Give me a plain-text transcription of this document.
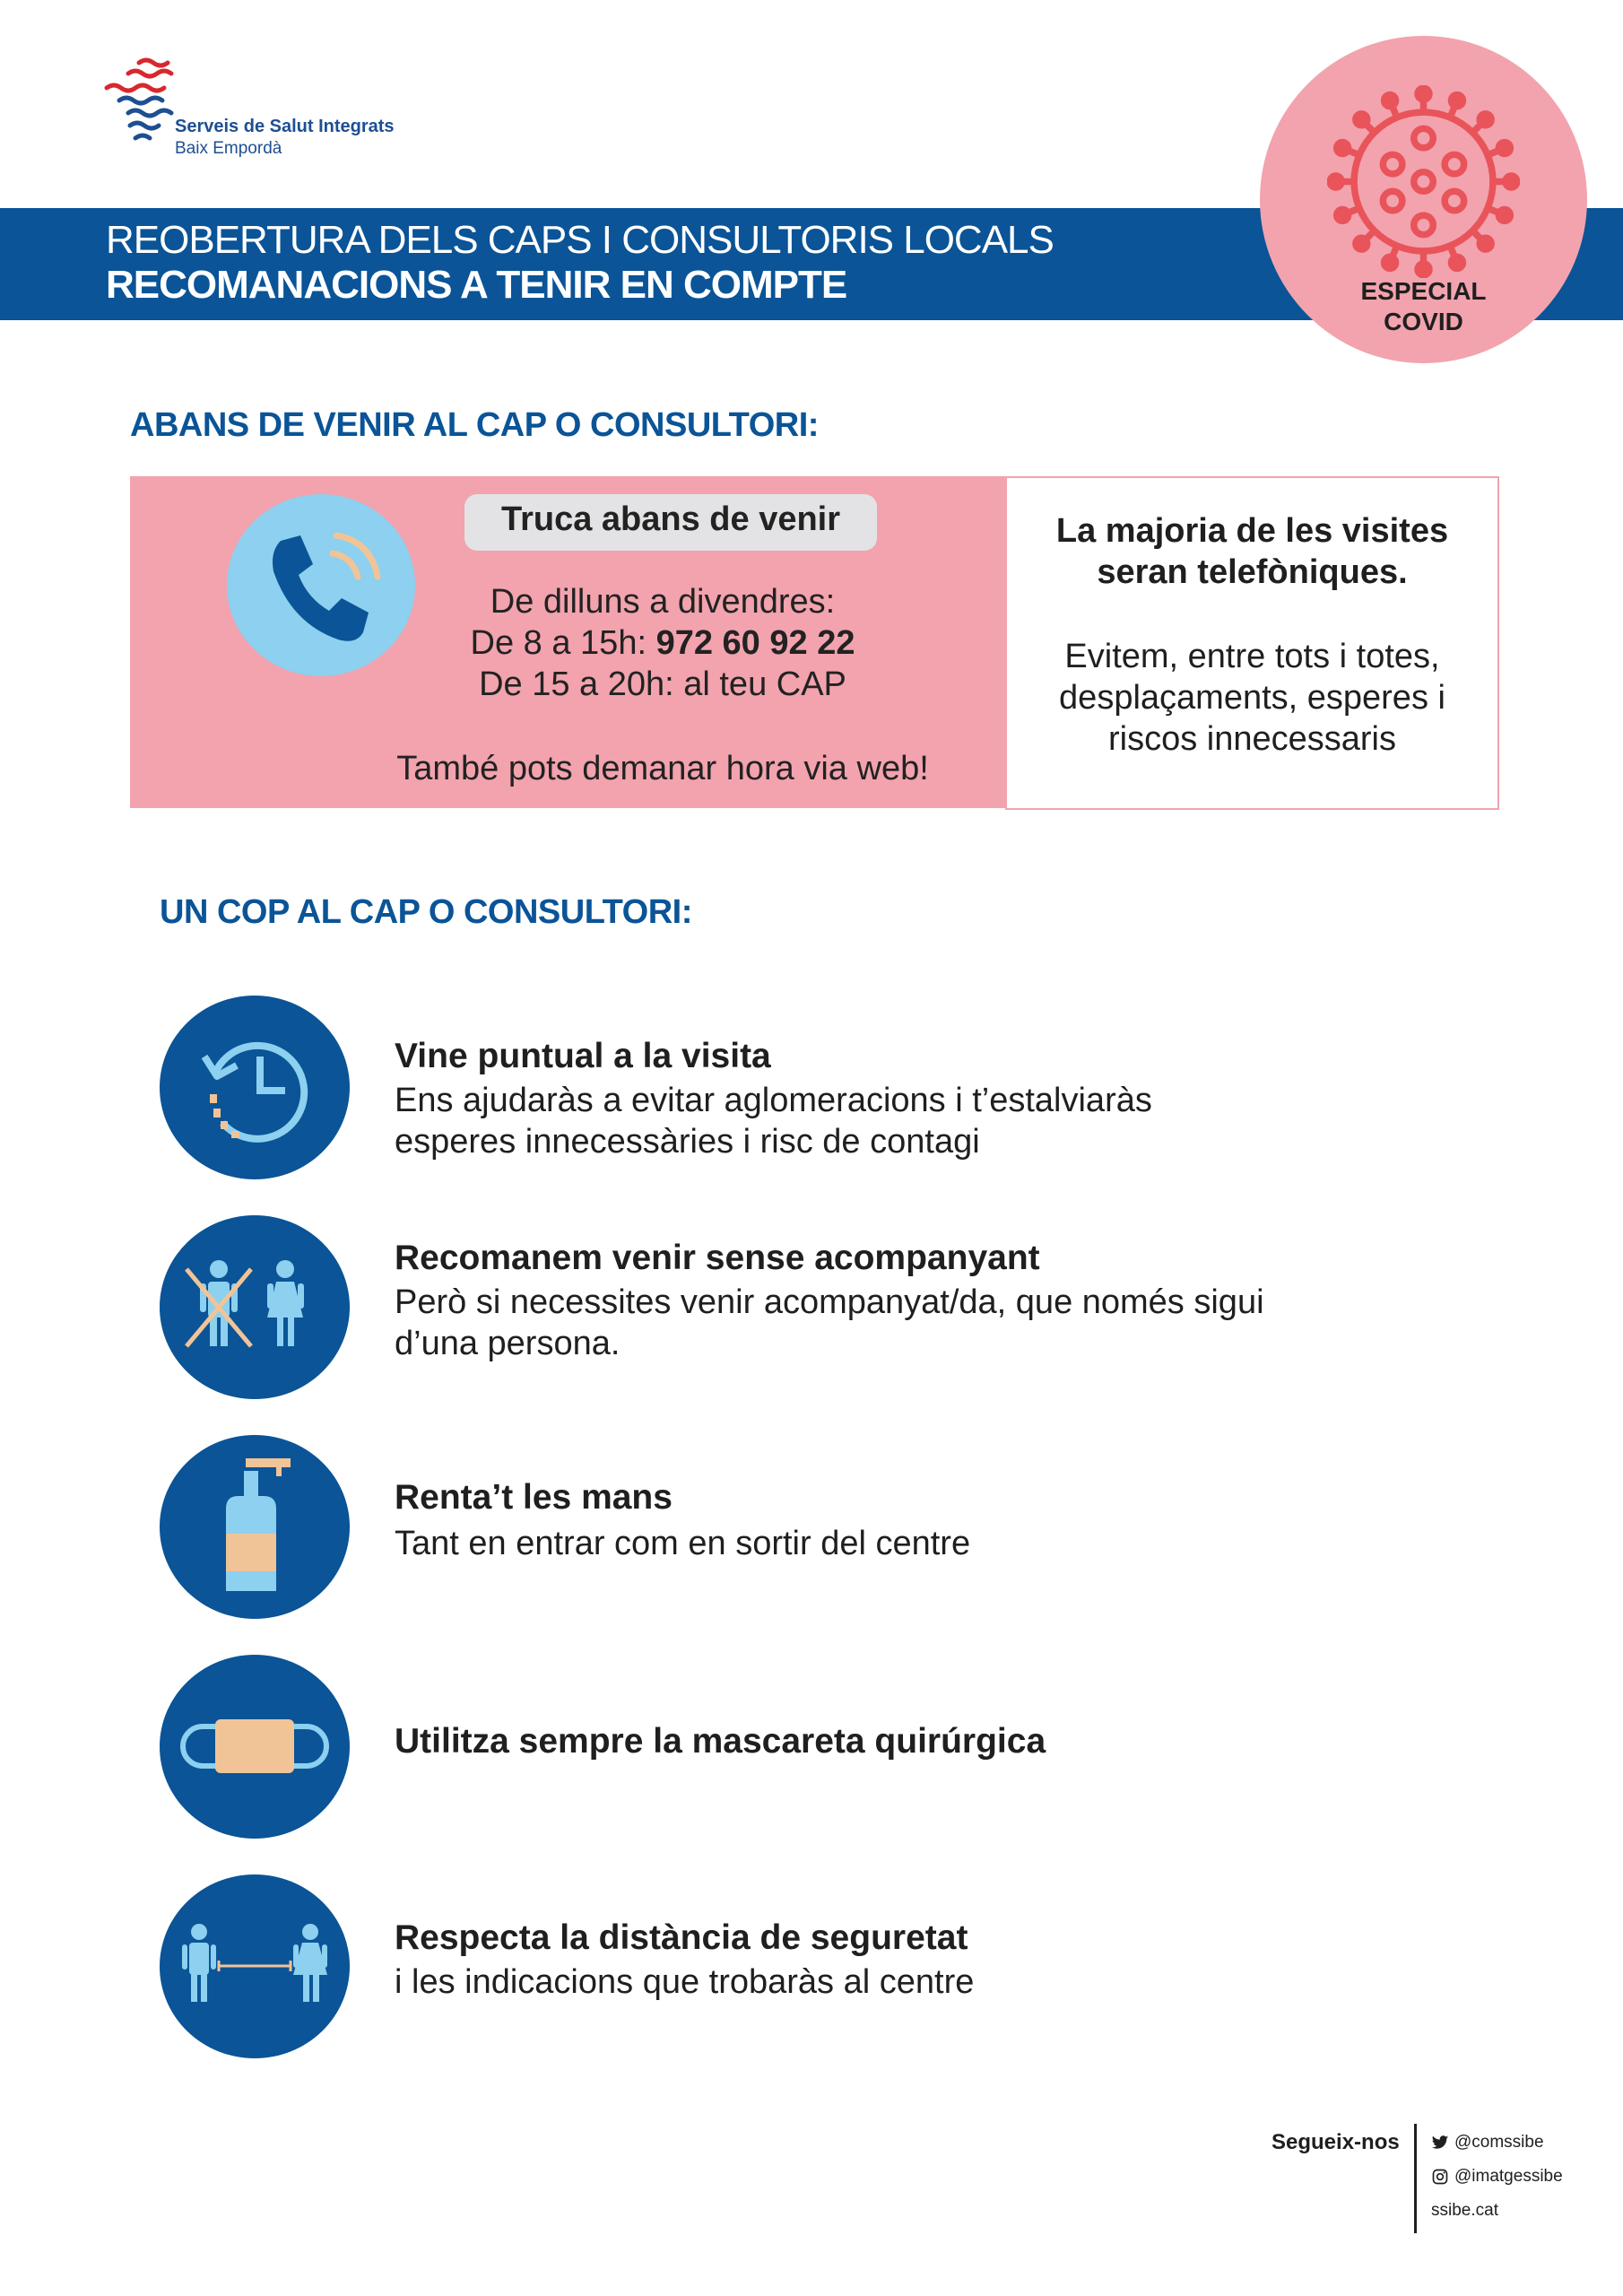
Serveis de Salut Integrats
Baix Empordà
REOBERTURA DELS CAPS I CONSULTORIS LOCALS
RECOMANACIONS A TENIR EN COMPTE	ESPECIAL
COVID
ABANS DE VENIR AL CAP O CONSULTORI:
Truca abans de venir
De dilluns a divendres:
De 8 a 15h: 972 60 92 22
De 15 a 20h: al teu CAP
També pots demanar hora via web!
La majoria de les visites
seran telefòniques.
Evitem, entre tots i totes,
desplaçaments, esperes i
riscos innecessaris
UN COP AL CAP O CONSULTORI:
Vine puntual a la visita
Ens ajudaràs a evitar aglomeracions i t’estalviaràs
esperes innecessàries i risc de contagi
Recomanem venir sense acompanyant
Però si necessites venir acompanyat/da, que només sigui
d’una persona.
Renta’t les mans
Tant en entrar com en sortir del centre
Utilitza sempre la mascareta quirúrgica
Respecta la distància de seguretat
i les indicacions que trobaràs al centre
Segueix-nos	@comssibe
@imatgessibe
ssibe.cat
